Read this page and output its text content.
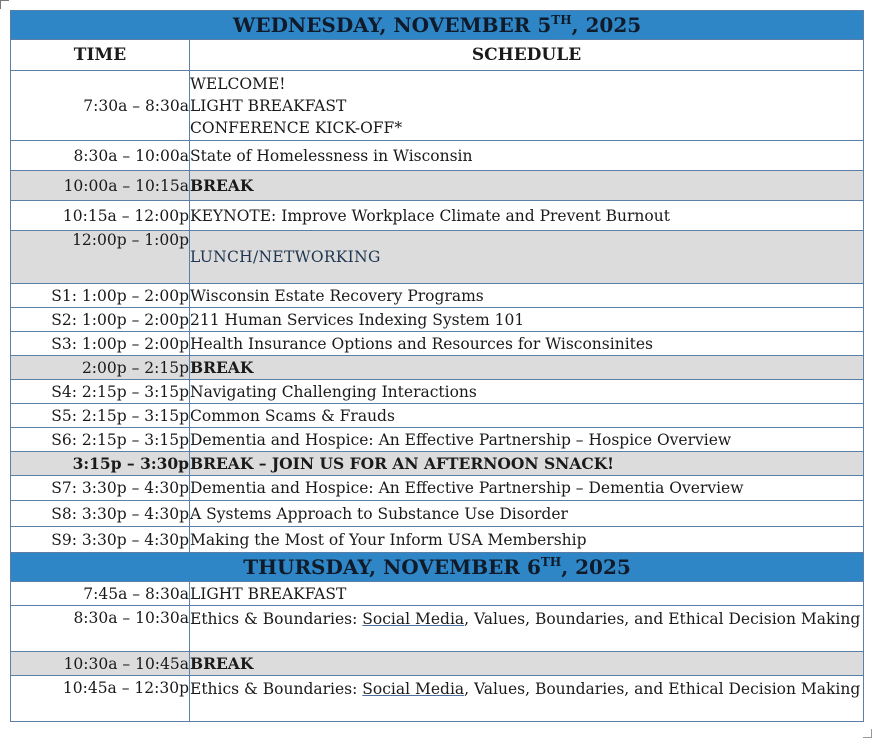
WEDNESDAY, NOVEMBER 5TH, 2025	
TIME	SCHEDULE
7:30a – 8:30a	WELCOME!
LIGHT BREAKFAST
CONFERENCE KICK-OFF*

8:30a – 10:00a	State of Homelessness in Wisconsin
10:00a – 10:15a	BREAK
10:15a – 12:00p	KEYNOTE: Improve Workplace Climate and Prevent Burnout
12:00p – 1:00p	LUNCH/NETWORKING
S1: 1:00p – 2:00p	Wisconsin Estate Recovery Programs
S2: 1:00p – 2:00p	211 Human Services Indexing System 101
S3: 1:00p – 2:00p	Health Insurance Options and Resources for Wisconsinites
2:00p – 2:15p	BREAK
S4: 2:15p – 3:15p	Navigating Challenging Interactions
S5: 2:15p – 3:15p	Common Scams & Frauds
S6: 2:15p – 3:15p	Dementia and Hospice: An Effective Partnership – Hospice Overview
3:15p – 3:30p	BREAK – JOIN US FOR AN AFTERNOON SNACK!
S7: 3:30p – 4:30p	Dementia and Hospice: An Effective Partnership – Dementia Overview
S8: 3:30p – 4:30p	A Systems Approach to Substance Use Disorder
S9: 3:30p – 4:30p	Making the Most of Your Inform USA Membership
THURSDAY, NOVEMBER 6TH, 2025	
7:45a – 8:30a	LIGHT BREAKFAST
8:30a – 10:30a	Ethics & Boundaries: Social Media, Values, Boundaries, and Ethical Decision Making
10:30a – 10:45a	BREAK
10:45a – 12:30p	Ethics & Boundaries: Social Media, Values, Boundaries, and Ethical Decision Making
